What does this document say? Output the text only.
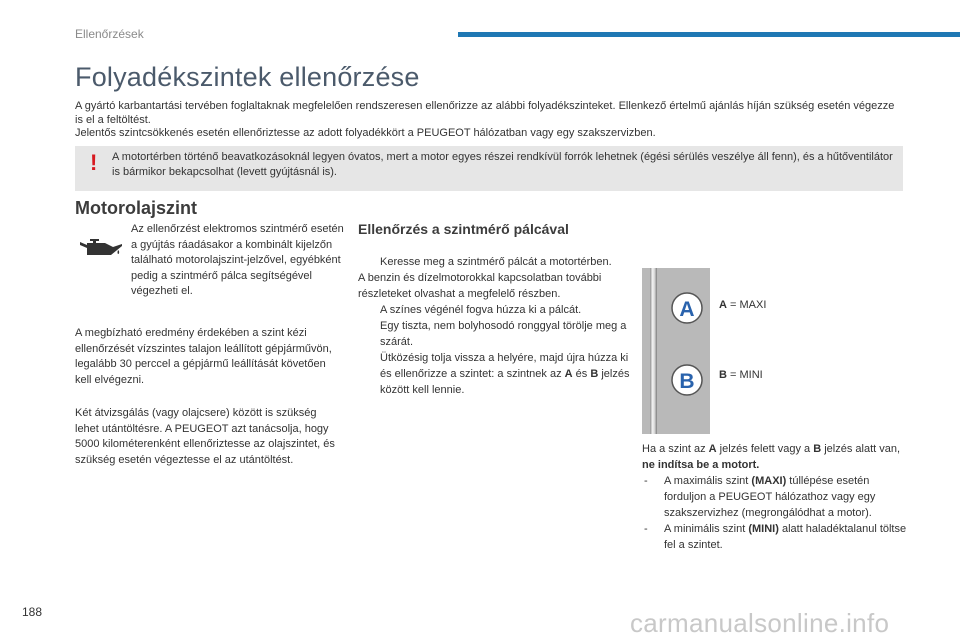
Ellenőrzések
Folyadékszintek ellenőrzése

A gyártó karbantartási tervében foglaltaknak megfelelően rendszeresen ellenőrizze az alábbi folyadékszinteket. Ellenkező értelmű ajánlás híján szükség esetén végezze is el a feltöltést.

Jelentős szintcsökkenés esetén ellenőriztesse az adott folyadékkört a PEUGEOT hálózatban vagy egy szakszervizben.

! A motortérben történő beavatkozásoknál legyen óvatos, mert a motor egyes részei rendkívül forrók lehetnek (égési sérülés veszélye áll fenn), és a hűtőventilátor is bármikor bekapcsolhat (levett gyújtásnál is).
Motorolajszint
Az ellenőrzést elektromos szintmérő esetén a gyújtás ráadásakor a kombinált kijelzőn található motorolajszint-jelzővel, egyébként pedig a szintmérő pálca segítségével végezheti el.

A megbízható eredmény érdekében a szint kézi ellenőrzését vízszintes talajon leállított gépjárművön, legalább 30 perccel a gépjármű leállítását követően kell elvégezni.

Két átvizsgálás (vagy olajcsere) között is szükség lehet utántöltésre. A PEUGEOT azt tanácsolja, hogy 5000 kilométerenként ellenőriztesse az olajszintet, és szükség esetén végeztesse el az utántöltést.

Ellenőrzés a szintmérő pálcával
Keresse meg a szintmérő pálcát a motortérben.

A benzin és dízelmotorokkal kapcsolatban további részleteket olvashat a megfelelő részben.

A színes végénél fogva húzza ki a pálcát.
Egy tiszta, nem bolyhosodó ronggyal törölje meg a szárát.
Ütközésig tolja vissza a helyére, majd újra húzza ki és ellenőrizze a szintet: a szintnek az A és B jelzés között kell lennie.
A
B
A = MAXI
B = MINI

Ha a szint az A jelzés felett vagy a B jelzés alatt van, ne indítsa be a motort.

- A maximális szint (MAXI) túllépése esetén forduljon a PEUGEOT hálózathoz vagy egy szakszervizhez (megrongálódhat a motor).
- A minimális szint (MINI) alatt haladéktalanul töltse fel a szintet.
188	carmanualsonline.info
